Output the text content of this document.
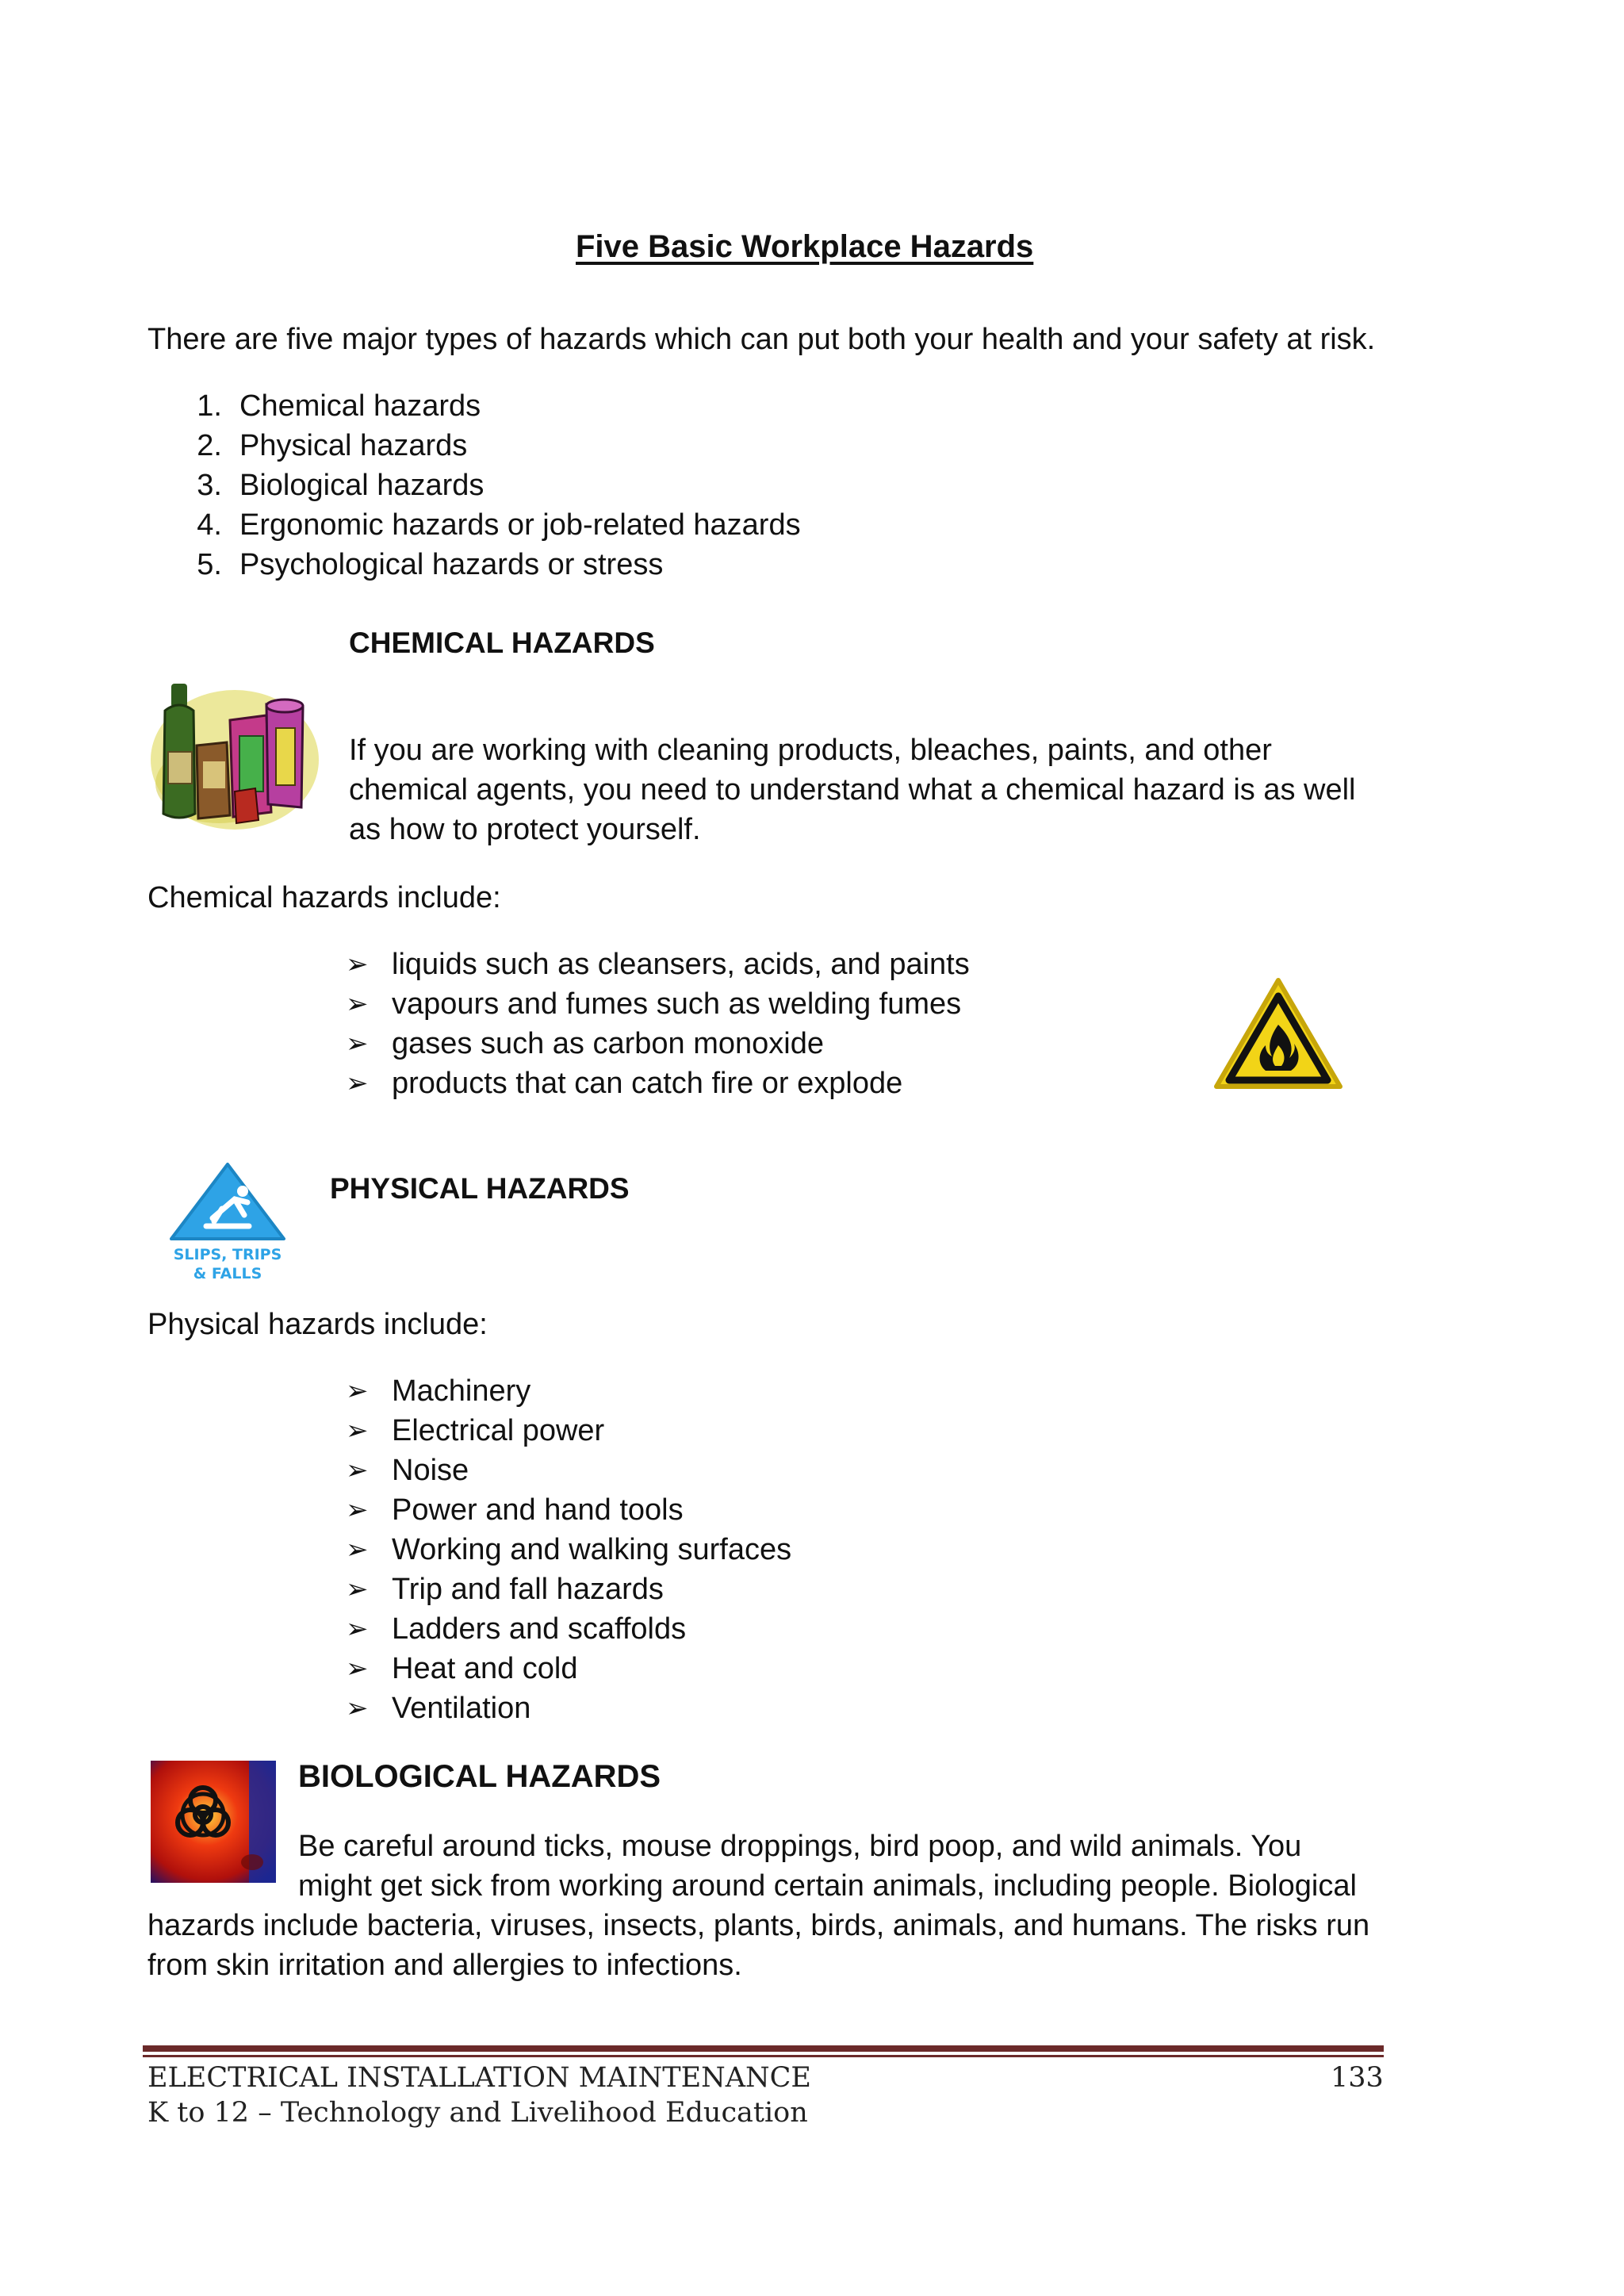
Five Basic Workplace Hazards
There are five major types of hazards which can put both your health and your safety at risk.
1. Chemical hazards
2. Physical hazards
3. Biological hazards
4. Ergonomic hazards or job-related hazards
5. Psychological hazards or stress
CHEMICAL HAZARDS
If you are working with cleaning products, bleaches, paints, and other
chemical agents, you need to understand what a chemical hazard is as well
as how to protect yourself.
Chemical hazards include:
➢ liquids such as cleansers, acids, and paints
➢ vapours and fumes such as welding fumes
➢ gases such as carbon monoxide
➢ products that can catch fire or explode
SLIPS, TRIPS
& FALLS
PHYSICAL HAZARDS
Physical hazards include:
➢ Machinery
➢ Electrical power
➢ Noise
➢ Power and hand tools
➢ Working and walking surfaces
➢ Trip and fall hazards
➢ Ladders and scaffolds
➢ Heat and cold
➢ Ventilation
BIOLOGICAL HAZARDS
Be careful around ticks, mouse droppings, bird poop, and wild animals. You
might get sick from working around certain animals, including people. Biological
hazards include bacteria, viruses, insects, plants, birds, animals, and humans. The risks run
from skin irritation and allergies to infections.
ELECTRICAL INSTALLATION MAINTENANCE	133
K to 12 – Technology and Livelihood Education
